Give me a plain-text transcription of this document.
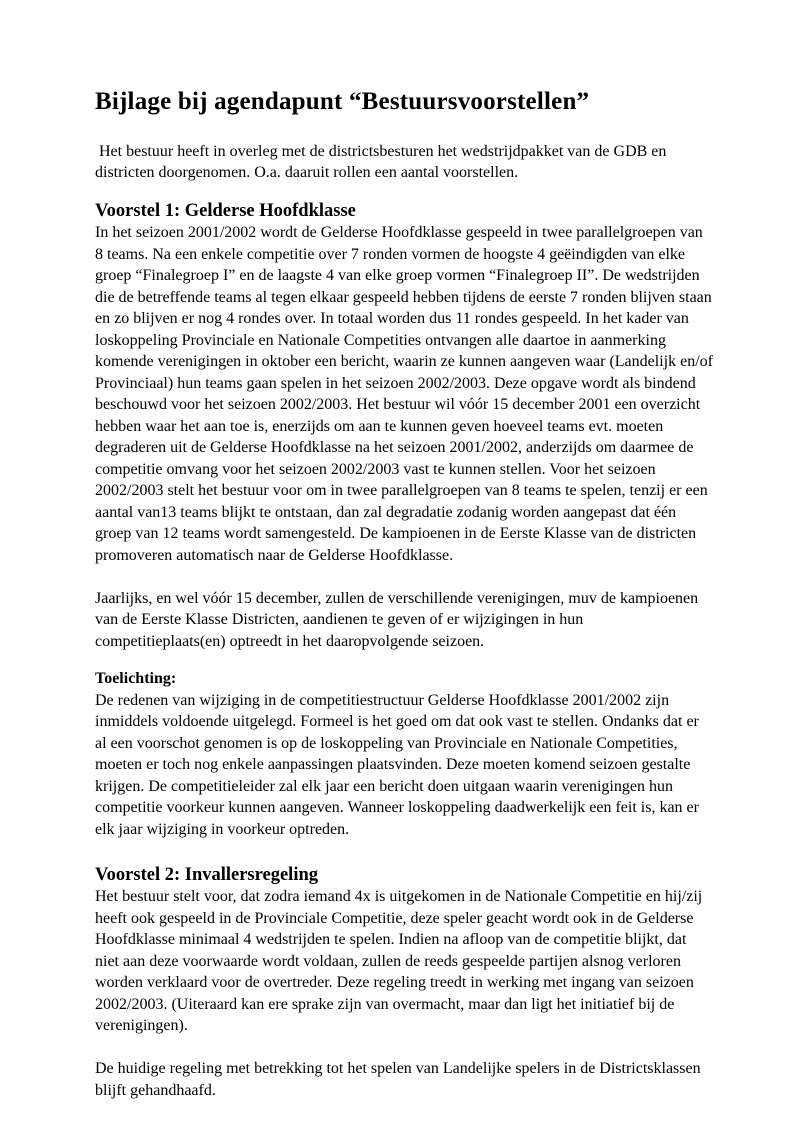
Bijlage bij agendapunt “Bestuursvoorstellen”

Het bestuur heeft in overleg met de districtsbesturen het wedstrijdpakket van de GDB en districten doorgenomen. O.a. daaruit rollen een aantal voorstellen.

Voorstel 1: Gelderse Hoofdklasse

In het seizoen 2001/2002 wordt de Gelderse Hoofdklasse gespeeld in twee parallelgroepen van 8 teams. Na een enkele competitie over 7 ronden vormen de hoogste 4 geëindigden van elke groep “Finalegroep I” en de laagste 4 van elke groep vormen “Finalegroep II”. De wedstrijden die de betreffende teams al tegen elkaar gespeeld hebben tijdens de eerste 7 ronden blijven staan en zo blijven er nog 4 rondes over. In totaal worden dus 11 rondes gespeeld. In het kader van loskoppeling Provinciale en Nationale Competities ontvangen alle daartoe in aanmerking komende verenigingen in oktober een bericht, waarin ze kunnen aangeven waar (Landelijk en/of Provinciaal) hun teams gaan spelen in het seizoen 2002/2003. Deze opgave wordt als bindend beschouwd voor het seizoen 2002/2003. Het bestuur wil vóór 15 december 2001 een overzicht hebben waar het aan toe is, enerzijds om aan te kunnen geven hoeveel teams evt. moeten degraderen uit de Gelderse Hoofdklasse na het seizoen 2001/2002, anderzijds om daarmee de competitie omvang voor het seizoen 2002/2003 vast te kunnen stellen. Voor het seizoen 2002/2003 stelt het bestuur voor om in twee parallelgroepen van 8 teams te spelen, tenzij er een aantal van13 teams blijkt te ontstaan, dan zal degradatie zodanig worden aangepast dat één groep van 12 teams wordt samengesteld. De kampioenen in de Eerste Klasse van de districten promoveren automatisch naar de Gelderse Hoofdklasse.

Jaarlijks, en wel vóór 15 december, zullen de verschillende verenigingen, muv de kampioenen van de Eerste Klasse Districten, aandienen te geven of er wijzigingen in hun competitieplaats(en) optreedt in het daaropvolgende seizoen.

Toelichting:

De redenen van wijziging in de competitiestructuur Gelderse Hoofdklasse 2001/2002 zijn inmiddels voldoende uitgelegd. Formeel is het goed om dat ook vast te stellen. Ondanks dat er al een voorschot genomen is op de loskoppeling van Provinciale en Nationale Competities, moeten er toch nog enkele aanpassingen plaatsvinden. Deze moeten komend seizoen gestalte krijgen. De competitieleider zal elk jaar een bericht doen uitgaan waarin verenigingen hun competitie voorkeur kunnen aangeven. Wanneer loskoppeling daadwerkelijk een feit is, kan er elk jaar wijziging in voorkeur optreden.

Voorstel 2: Invallersregeling

Het bestuur stelt voor, dat zodra iemand 4x is uitgekomen in de Nationale Competitie en hij/zij heeft ook gespeeld in de Provinciale Competitie, deze speler geacht wordt ook in de Gelderse Hoofdklasse minimaal 4 wedstrijden te spelen. Indien na afloop van de competitie blijkt, dat niet aan deze voorwaarde wordt voldaan, zullen de reeds gespeelde partijen alsnog verloren worden verklaard voor de overtreder. Deze regeling treedt in werking met ingang van seizoen 2002/2003. (Uiteraard kan ere sprake zijn van overmacht, maar dan ligt het initiatief bij de verenigingen).

De huidige regeling met betrekking tot het spelen van Landelijke spelers in de Districtsklassen blijft gehandhaafd.
